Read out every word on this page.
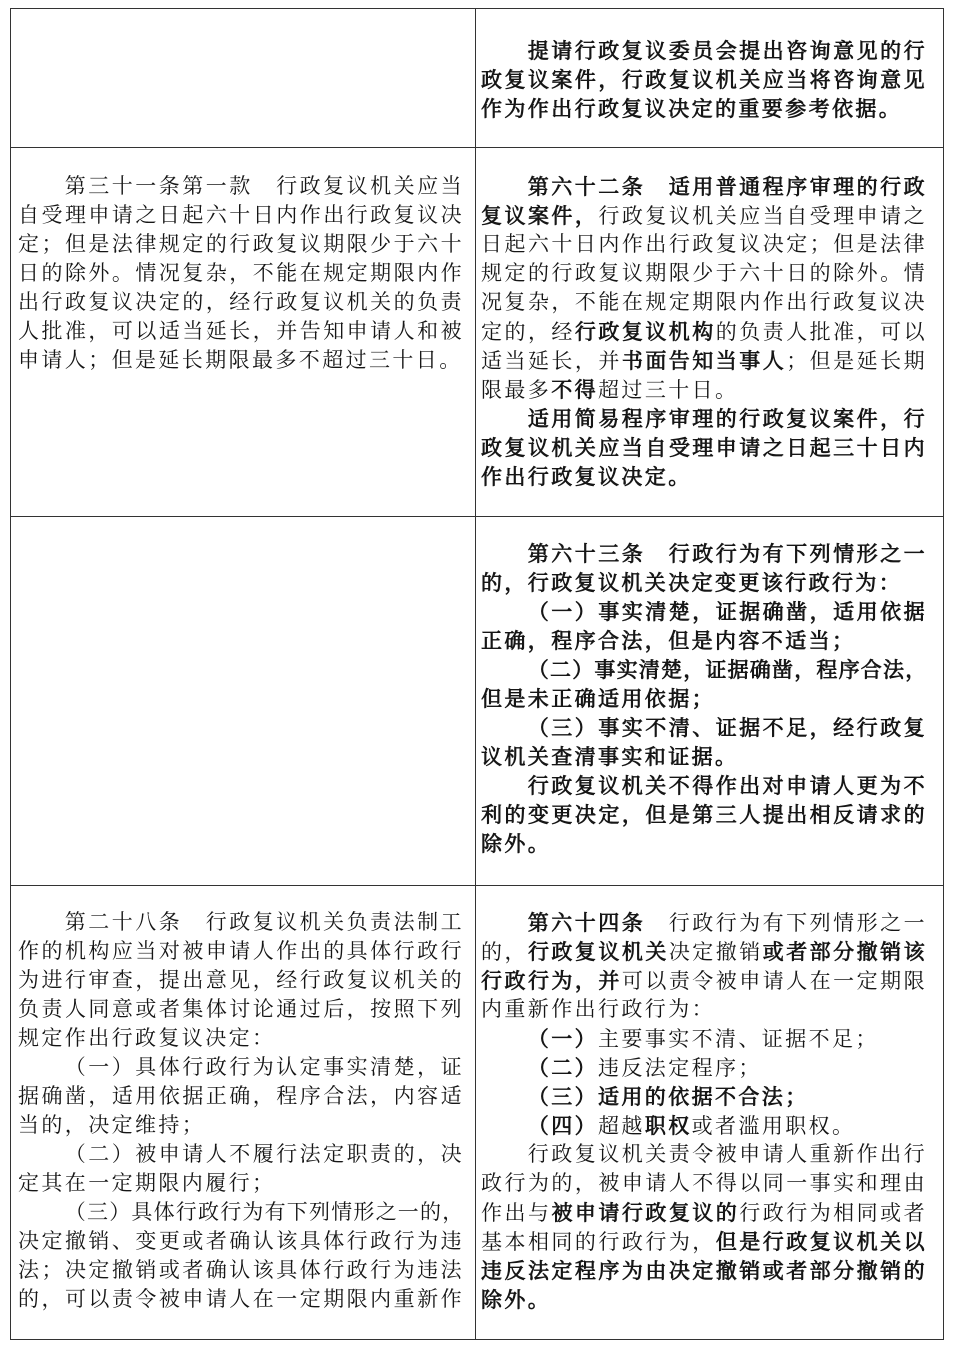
提请行政复议委员会提出咨询意见的行
政复议案件，行政复议机关应当将咨询意见
作为作出行政复议决定的重要参考依据。
第三十一条第一款　行政复议机关应当
自受理申请之日起六十日内作出行政复议决
定；但是法律规定的行政复议期限少于六十
日的除外。情况复杂，不能在规定期限内作
出行政复议决定的，经行政复议机关的负责
人批准，可以适当延长，并告知申请人和被
申请人；但是延长期限最多不超过三十日。
第六十二条　适用普通程序审理的行政
复议案件，行政复议机关应当自受理申请之
日起六十日内作出行政复议决定；但是法律
规定的行政复议期限少于六十日的除外。情
况复杂，不能在规定期限内作出行政复议决
定的，经行政复议机构的负责人批准，可以
适当延长，并书面告知当事人；但是延长期
限最多不得超过三十日。
适用简易程序审理的行政复议案件，行
政复议机关应当自受理申请之日起三十日内
作出行政复议决定。
第六十三条　行政行为有下列情形之一
的，行政复议机关决定变更该行政行为：
（一）事实清楚，证据确凿，适用依据
正确，程序合法，但是内容不适当；
（二）事实清楚，证据确凿，程序合法，
但是未正确适用依据；
（三）事实不清、证据不足，经行政复
议机关查清事实和证据。
行政复议机关不得作出对申请人更为不
利的变更决定，但是第三人提出相反请求的
除外。
第二十八条　行政复议机关负责法制工
作的机构应当对被申请人作出的具体行政行
为进行审查，提出意见，经行政复议机关的
负责人同意或者集体讨论通过后，按照下列
规定作出行政复议决定：
（一）具体行政行为认定事实清楚，证
据确凿，适用依据正确，程序合法，内容适
当的，决定维持；
（二）被申请人不履行法定职责的，决
定其在一定期限内履行；
（三）具体行政行为有下列情形之一的，
决定撤销、变更或者确认该具体行政行为违
法；决定撤销或者确认该具体行政行为违法
的，可以责令被申请人在一定期限内重新作
第六十四条　行政行为有下列情形之一
的，行政复议机关决定撤销或者部分撤销该
行政行为，并可以责令被申请人在一定期限
内重新作出行政行为：
（一）主要事实不清、证据不足；
（二）违反法定程序；
（三）适用的依据不合法；
（四）超越职权或者滥用职权。
行政复议机关责令被申请人重新作出行
政行为的，被申请人不得以同一事实和理由
作出与被申请行政复议的行政行为相同或者
基本相同的行政行为，但是行政复议机关以
违反法定程序为由决定撤销或者部分撤销的
除外。
